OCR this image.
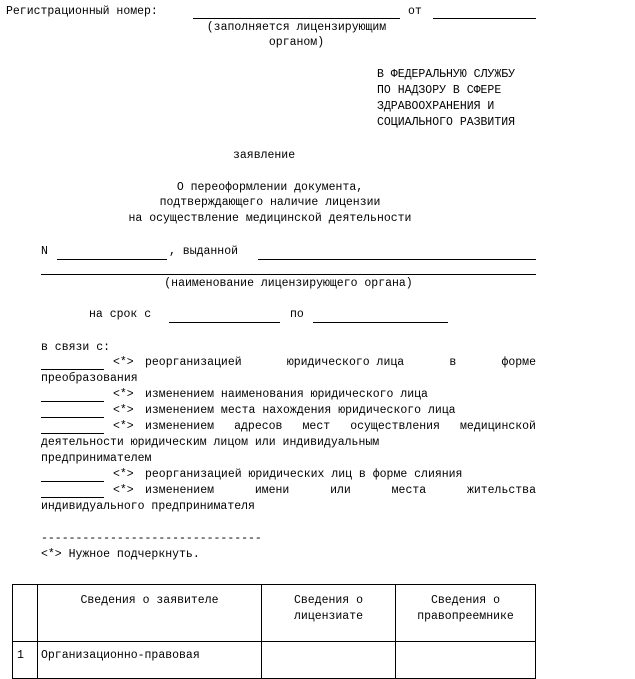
Регистрационный номер:	от
(заполняется лицензирующим
органом)
В ФЕДЕРАЛЬНУЮ СЛУЖБУ
ПО НАДЗОРУ В СФЕРЕ
ЗДРАВООХРАНЕНИЯ И
СОЦИАЛЬНОГО РАЗВИТИЯ
заявление
О переоформлении документа,
подтверждающего наличие лицензии
на осуществление медицинской деятельности
N	, выданной
(наименование лицензирующего органа)
на срок с	по
в связи с:
<*> реорганизацией	юридического лица	в	форме
преобразования
<*> изменением наименования юридического лица
<*> изменением места нахождения юридического лица
<*> изменением адресов мест осуществления медицинской
деятельности юридическим лицом или индивидуальным
предпринимателем
<*> реорганизацией юридических лиц в форме слияния
<*> изменением	имени	или	места	жительства
индивидуального предпринимателя
--------------------------------
<*> Нужное подчеркнуть.
	Сведения о заявителе	Сведения о лицензиате	Сведения о правопреемнике
1	Организационно-правовая		
